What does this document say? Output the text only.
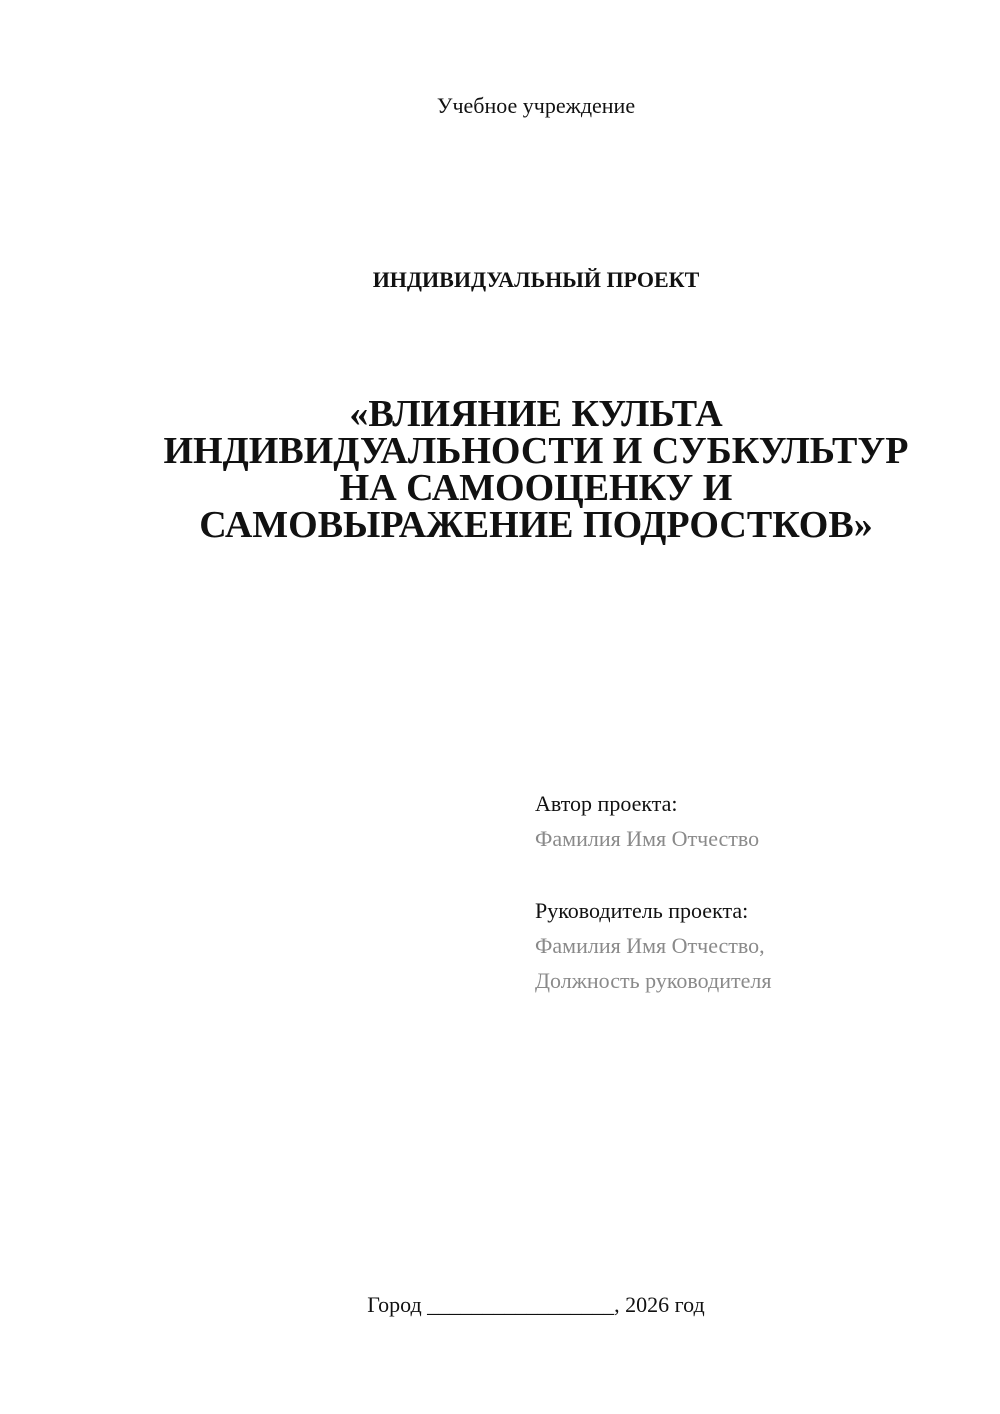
Учебное учреждение
ИНДИВИДУАЛЬНЫЙ ПРОЕКТ
«ВЛИЯНИЕ КУЛЬТА
ИНДИВИДУАЛЬНОСТИ И СУБКУЛЬТУР
НА САМООЦЕНКУ И
САМОВЫРАЖЕНИЕ ПОДРОСТКОВ»
Автор проекта:
Фамилия Имя Отчество
Руководитель проекта:
Фамилия Имя Отчество,
Должность руководителя
Город _________________, 2026 год
